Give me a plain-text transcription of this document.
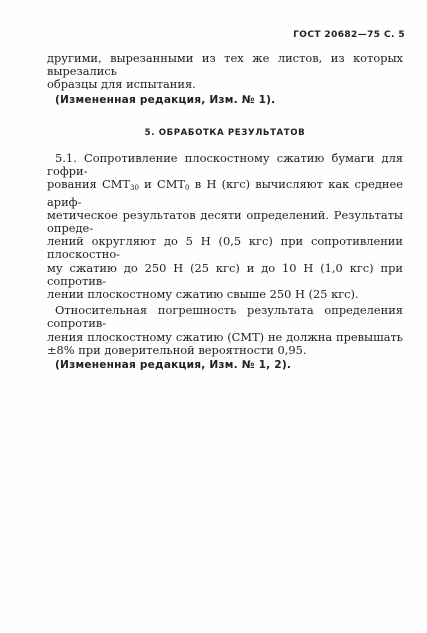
ГОСТ 20682—75 С. 5

другими, вырезанными из тех же листов, из которых вырезались

образцы для испытания.

(Измененная редакция, Изм. № 1).

5. ОБРАБОТКА РЕЗУЛЬТАТОВ

5.1. Сопротивление плоскостному сжатию бумаги для гофри-

рования $CMT_{30}$ и $CMT_0$ в Н (кгс) вычисляют как среднее ариф-

метическое результатов десяти определений. Результаты опреде-

лений округляют до 5 Н (0,5 кгс) при сопротивлении плоскостно-

му сжатию до 250 Н (25 кгс) и до 10 Н (1,0 кгс) при сопротив-

лении плоскостному сжатию свыше 250 Н (25 кгс).

Относительная погрешность результата определения сопротив-

ления плоскостному сжатию (CMT) не должна превышать

±8% при доверительной вероятности 0,95.

(Измененная редакция, Изм. № 1, 2).
